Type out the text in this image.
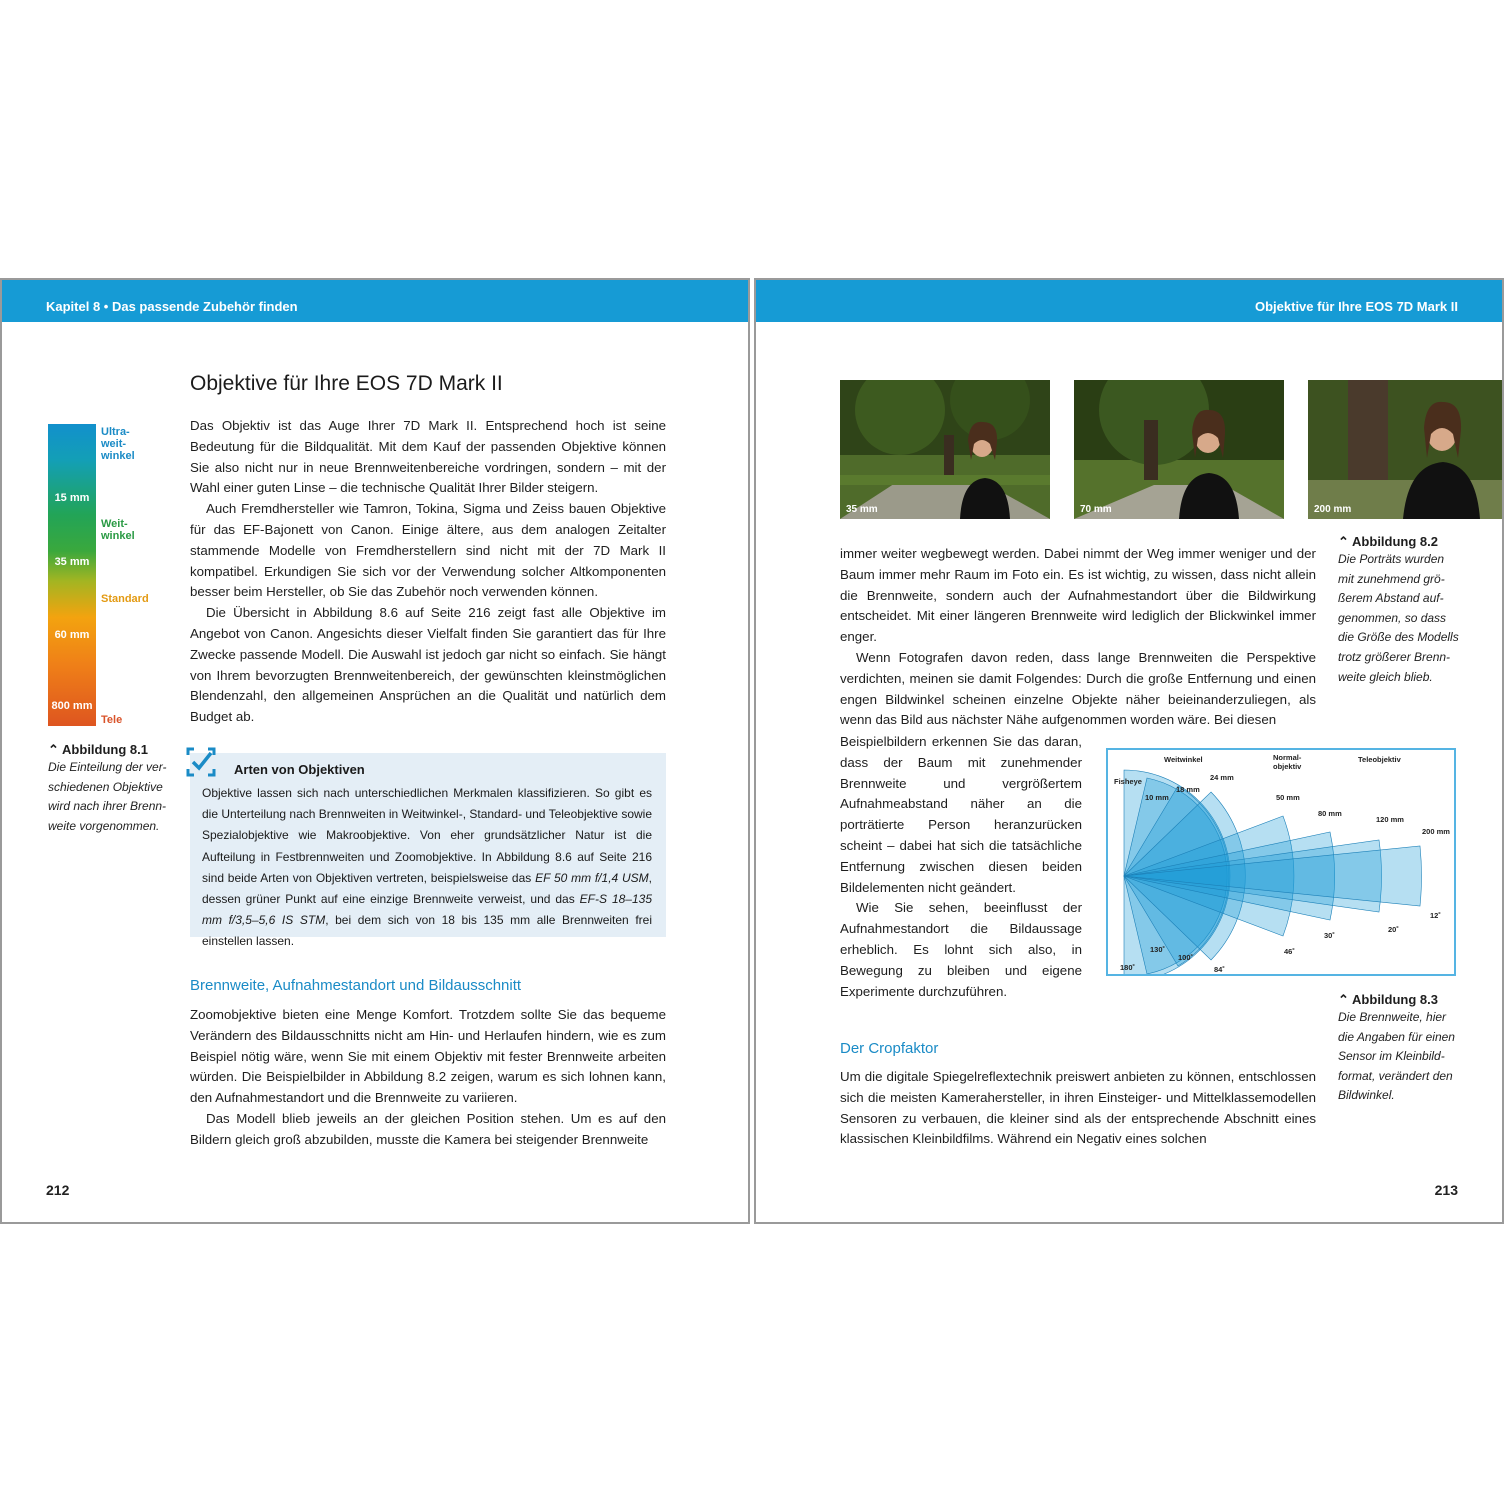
Kapitel 8 • Das passende Zubehör finden
Objektive für Ihre EOS 7D Mark II
15 mm
35 mm
60 mm
800 mm
Ultra-
weit-
winkel
Weit-
winkel
Standard
Tele
⌃ Abbildung 8.1
Die Einteilung der ver-
schiedenen Objektive
wird nach ihrer Brenn-
weite vorgenommen.

Das Objektiv ist das Auge Ihrer 7D Mark II. Entsprechend hoch ist seine Bedeutung für die Bildqualität. Mit dem Kauf der passenden Objektive können Sie also nicht nur in neue Brennweitenbereiche vordringen, sondern – mit der Wahl einer guten Linse – die technische Qualität Ihrer Bilder steigern.

Auch Fremdhersteller wie Tamron, Tokina, Sigma und Zeiss bauen Objektive für das EF-Bajonett von Canon. Einige ältere, aus dem analogen Zeitalter stammende Modelle von Fremdherstellern sind nicht mit der 7D Mark II kompatibel. Erkundigen Sie sich vor der Verwendung solcher Altkomponenten besser beim Hersteller, ob Sie das Zubehör noch verwenden können.

Die Übersicht in Abbildung 8.6 auf Seite 216 zeigt fast alle Objektive im Angebot von Canon. Angesichts dieser Vielfalt finden Sie garantiert das für Ihre Zwecke passende Modell. Die Auswahl ist jedoch gar nicht so einfach. Sie hängt von Ihrem bevorzugten Brennweitenbereich, der gewünschten kleinstmöglichen Blendenzahl, den allgemeinen Ansprüchen an die Qualität und natürlich dem Budget ab.

Arten von Objektiven
Objektive lassen sich nach unterschiedlichen Merkmalen klassifizieren. So gibt es die Unterteilung nach Brennweiten in Weitwinkel-, Standard- und Teleobjektive sowie Spezialobjektive wie Makroobjektive. Von eher grundsätzlicher Natur ist die Aufteilung in Festbrennweiten und Zoomobjektive. In Abbildung 8.6 auf Seite 216 sind beide Arten von Objektiven vertreten, beispielsweise das EF 50 mm f/1,4 USM, dessen grüner Punkt auf eine einzige Brennweite verweist, und das EF-S 18–135 mm f/3,5–5,6 IS STM, bei dem sich von 18 bis 135 mm alle Brennweiten frei einstellen lassen.
Brennweite, Aufnahmestandort und Bildausschnitt

Zoomobjektive bieten eine Menge Komfort. Trotzdem sollte Sie das bequeme Verändern des Bildausschnitts nicht am Hin- und Herlaufen hindern, wie es zum Beispiel nötig wäre, wenn Sie mit einem Objektiv mit fester Brennweite arbeiten würden. Die Beispielbilder in Abbildung 8.2 zeigen, warum es sich lohnen kann, den Aufnahmestandort und die Brennweite zu variieren.

Das Modell blieb jeweils an der gleichen Position stehen. Um es auf den Bildern gleich groß abzubilden, musste die Kamera bei steigender Brennweite

212
Objektive für Ihre EOS 7D Mark II
35 mm	70 mm	200 mm
⌃ Abbildung 8.2
Die Porträts wurden
mit zunehmend grö-
ßerem Abstand auf-
genommen, so dass
die Größe des Modells
trotz größerer Brenn-
weite gleich blieb.

immer weiter wegbewegt werden. Dabei nimmt der Weg immer weniger und der Baum immer mehr Raum im Foto ein. Es ist wichtig, zu wissen, dass nicht allein die Brennweite, sondern auch der Aufnahmestandort über die Bildwirkung entscheidet. Mit einer längeren Brennweite wird lediglich der Blickwinkel immer enger.

Wenn Fotografen davon reden, dass lange Brennweiten die Perspektive verdichten, meinen sie damit Folgendes: Durch die große Entfernung und einen engen Bildwinkel scheinen einzelne Objekte näher beieinanderzuliegen, als wenn das Bild aus nächster Nähe aufgenommen worden wäre. Bei diesen

Beispielbildern erkennen Sie das daran, dass der Baum mit zunehmender Brennweite und vergrößertem Aufnahmeabstand näher an die porträtierte Person heranzurücken scheint – dabei hat sich die tatsächliche Entfernung zwischen diesen beiden Bildelementen nicht geändert.

Wie Sie sehen, beeinflusst der Aufnahmestandort die Bildaussage erheblich. Es lohnt sich also, in Bewegung zu bleiben und eigene Experimente durchzuführen.

Weitwinkel	Normal-
objektiv
Teleobjektiv
Fisheye
10 mm
18 mm
24 mm
50 mm
80 mm
120 mm
200 mm
180˚
130˚
100˚
84˚
46˚
30˚
20˚
12˚
⌃ Abbildung 8.3
Die Brennweite, hier
die Angaben für einen
Sensor im Kleinbild-
format, verändert den
Bildwinkel.
Der Cropfaktor

Um die digitale Spiegelreflextechnik preiswert anbieten zu können, entschlossen sich die meisten Kamerahersteller, in ihren Einsteiger- und Mittelklassemodellen Sensoren zu verbauen, die kleiner sind als der entsprechende Abschnitt eines klassischen Kleinbildfilms. Während ein Negativ eines solchen

213
